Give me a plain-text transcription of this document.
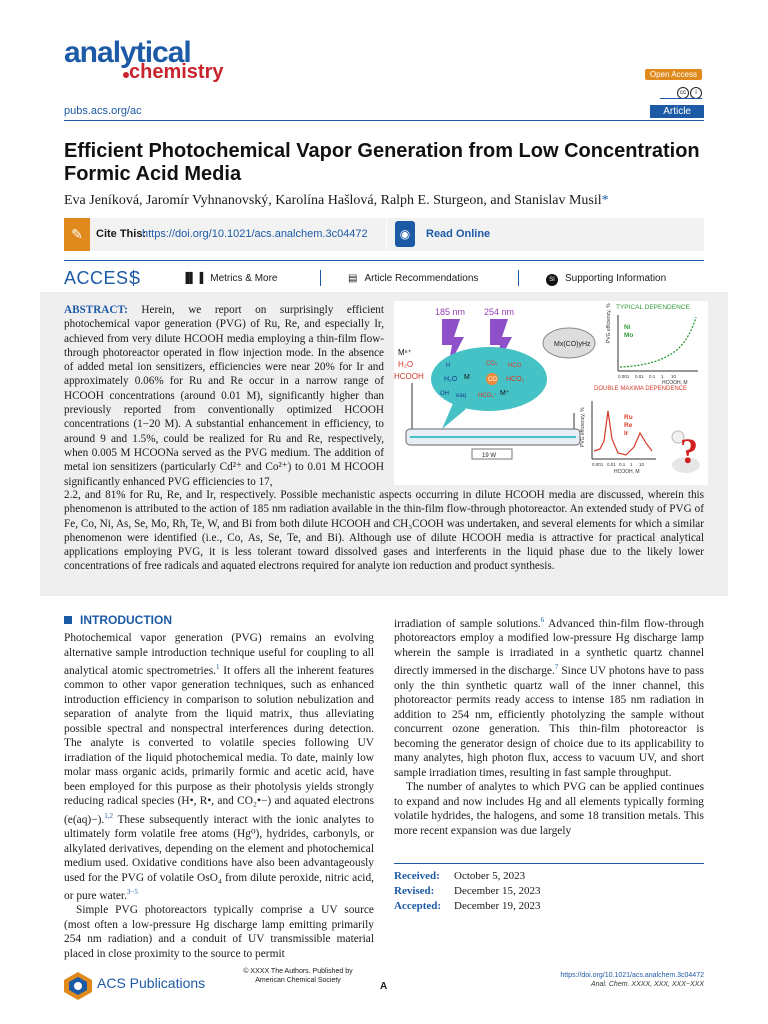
analytical
chemistry	Open Access
cc i
pubs.acs.org/ac	Article
Efficient Photochemical Vapor Generation from Low Concentration Formic Acid Media
Eva Jeníková, Jaromír Vyhnanovský, Karolína Hašlová, Ralph E. Sturgeon, and Stanislav Musil*
✎	Cite This:
https://doi.org/10.1021/acs.analchem.3c04472	◉	Read Online
ACCESS	▐▌▐ Metrics & More	▤ Article Recommendations	SI Supporting Information
ABSTRACT: Herein, we report on surprisingly efficient photochemical vapor generation (PVG) of Ru, Re, and especially Ir, achieved from very dilute HCOOH media employing a thin-film flow-through photoreactor operated in flow injection mode. In the absence of added metal ion sensitizers, efficiencies were near 20% for Ir and approximately 0.06% for Ru and Re occur in a narrow range of HCOOH concentrations (around 0.01 M), significantly higher than previously reported from conventionally optimized HCOOH concentrations (1−20 M). A substantial enhancement in efficiency, to around 9 and 1.5%, could be realized for Ru and Re, respectively, when 0.005 M HCOONa served as the PVG medium. The addition of metal ion sensitizers (particularly Cd²⁺ and Co²⁺) to 0.01 M HCOOH significantly enhanced PVG efficiencies to 17,
185 nm 254 nm
Mx(CO)yHz
H
H₂O M
CO₂ HCO
CO HCO₂
OH eaq HCO₂⁻ M⁺
Mⁿ⁺
H₂O
HCOOH
19 W
TYPICAL DEPENDENCE
Ni Mo
PVG efficiency, %
HCOOH, M
0.001 0.01 0.1 1 10
DOUBLE MAXIMA DEPENDENCE
Ru Re Ir
PVG efficiency, %
HCOOH, M
0.001 0.01 0.1 1 10 ?
2.2, and 81% for Ru, Re, and Ir, respectively. Possible mechanistic aspects occurring in dilute HCOOH media are discussed, wherein this phenomenon is attributed to the action of 185 nm radiation available in the thin-film flow-through photoreactor. An extended study of PVG of Fe, Co, Ni, As, Se, Mo, Rh, Te, W, and Bi from both dilute HCOOH and CH₃COOH was undertaken, and several elements for which a similar phenomenon were identified (i.e., Co, As, Se, Te, and Bi). Although use of dilute HCOOH media is attractive for practical analytical applications employing PVG, it is less tolerant toward dissolved gases and interferents in the liquid phase due to the likely lower concentrations of free radicals and aquated electrons required for analyte ion reduction and product synthesis.
INTRODUCTION

Photochemical vapor generation (PVG) remains an evolving alternative sample introduction technique useful for coupling to all analytical atomic spectrometries.$^1$ It offers all the inherent features common to other vapor generation techniques, such as enhanced introduction efficiency in comparison to solution nebulization and separation of analyte from the liquid matrix, thus alleviating possible spectral and nonspectral interferences during detection. The analyte is converted to volatile species following UV irradiation of the liquid photochemical media. To date, mainly low molar mass organic acids, primarily formic and acetic acid, have been employed for this purpose as their photolysis yields strongly reducing radical species (H•, R•, and CO₂•−) and aquated electrons (e(aq)−).$^{1,2}$ These subsequently interact with the ionic analytes to ultimately form volatile free atoms (Hg⁰), hydrides, carbonyls, or alkylated derivatives, depending on the element and photochemical medium used. Oxidative conditions have also been advantageously used for the PVG of volatile OsO₄ from dilute peroxide, nitric acid, or pure water.$^{3-5}$

Simple PVG photoreactors typically comprise a UV source (most often a low-pressure Hg discharge lamp emitting primarily 254 nm radiation) and a conduit of UV transmissible material placed in close proximity to the source to permit

irradiation of sample solutions.$^6$ Advanced thin-film flow-through photoreactors employ a modified low-pressure Hg discharge lamp wherein the sample is irradiated in a synthetic quartz channel directly immersed in the discharge.$^7$ Since UV photons have to pass only the thin synthetic quartz wall of the inner channel, this photoreactor permits ready access to intense 185 nm radiation in addition to 254 nm, efficiently photolyzing the sample without concurrent ozone generation. This thin-film photoreactor is becoming the generator design of choice due to its applicability to many analytes, high photon flux, access to vacuum UV, and short sample irradiation times, resulting in fast sample throughput.

The number of analytes to which PVG can be applied continues to expand and now includes Hg and all elements typically forming volatile hydrides, the halogens, and some 18 transition metals. This more recent expansion was due largely

Received: October 5, 2023
Revised: December 15, 2023
Accepted: December 19, 2023
ACS Publications
© XXXX The Authors. Published by American Chemical Society
A
https://doi.org/10.1021/acs.analchem.3c04472
Anal. Chem. XXXX, XXX, XXX−XXX
